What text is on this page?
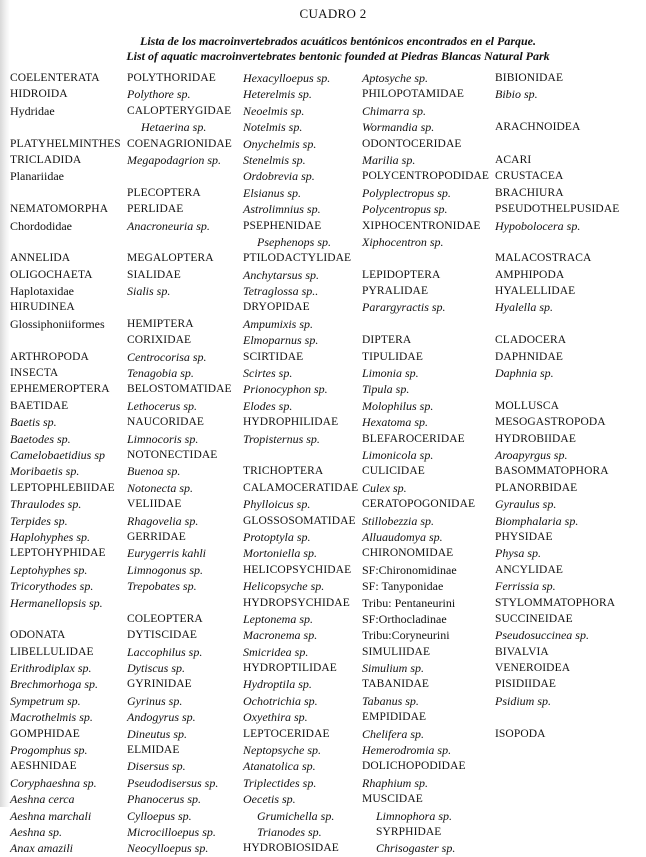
CUADRO 2
Lista de los macroinvertebrados acuáticos bentónicos encontrados en el Parque.
List of aquatic macroinvertebrates bentonic founded at Piedras Blancas Natural Park
COELENTERATA
HIDROIDA
Hydridae
PLATYHELMINTHES
TRICLADIDA
Planariidae
NEMATOMORPHA
Chordodidae
ANNELIDA
OLIGOCHAETA
Haplotaxidae
HIRUDINEA
Glossiphoniiformes
ARTHROPODA
INSECTA
EPHEMEROPTERA
BAETIDAE
Baetis sp.
Baetodes sp.
Camelobaetidius sp
Moribaetis sp.
LEPTOPHLEBIIDAE
Thraulodes sp.
Terpides sp.
Haplohyphes sp.
LEPTOHYPHIDAE
Leptohyphes sp.
Tricorythodes sp.
Hermanellopsis sp.
ODONATA
LIBELLULIDAE
Erithrodiplax sp.
Brechmorhoga sp.
Sympetrum sp.
Macrothelmis sp.
GOMPHIDAE
Progomphus sp.
AESHNIDAE
Coryphaeshna sp.
Aeshna cerca
Aeshna marchali
Aeshna sp.
Anax amazili
POLYTHORIDAE
Polythore sp.
CALOPTERYGIDAE
Hetaerina sp.
COENAGRIONIDAE
Megapodagrion sp.
PLECOPTERA
PERLIDAE
Anacroneuria sp.
MEGALOPTERA
SIALIDAE
Sialis sp.
HEMIPTERA
CORIXIDAE
Centrocorisa sp.
Tenagobia sp.
BELOSTOMATIDAE
Lethocerus sp.
NAUCORIDAE
Limnocoris sp.
NOTONECTIDAE
Buenoa sp.
Notonecta sp.
VELIIDAE
Rhagovelia sp.
GERRIDAE
Eurygerris kahli
Limnogonus sp.
Trepobates sp.
COLEOPTERA
DYTISCIDAE
Laccophilus sp.
Dytiscus sp.
GYRINIDAE
Gyrinus sp.
Andogyrus sp.
Dineutus sp.
ELMIDAE
Disersus sp.
Pseudodisersus sp.
Phanocerus sp.
Cylloepus sp.
Microcilloepus sp.
Neocylloepus sp.
Hexacylloepus sp.
Heterelmis sp.
Neoelmis sp.
Notelmis sp.
Onychelmis sp.
Stenelmis sp.
Ordobrevia sp.
Elsianus sp.
Astrolimnius sp.
PSEPHENIDAE
Psephenops sp.
PTILODACTYLIDAE
Anchytarsus sp.
Tetraglossa sp..
DRYOPIDAE
Ampumixis sp.
Elmoparnus sp.
SCIRTIDAE
Scirtes sp.
Prionocyphon sp.
Elodes sp.
HYDROPHILIDAE
Tropisternus sp.
TRICHOPTERA
CALAMOCERATIDAE
Phylloicus sp.
GLOSSOSOMATIDAE
Protoptyla sp.
Mortoniella sp.
HELICOPSYCHIDAE
Helicopsyche sp.
HYDROPSYCHIDAE
Leptonema sp.
Macronema sp.
Smicridea sp.
HYDROPTILIDAE
Hydroptila sp.
Ochotrichia sp.
Oxyethira sp.
LEPTOCERIDAE
Neptopsyche sp.
Atanatolica sp.
Triplectides sp.
Oecetis sp.
Grumichella sp.
Trianodes sp.
HYDROBIOSIDAE
Aptosyche sp.
PHILOPOTAMIDAE
Chimarra sp.
Wormandia sp.
ODONTOCERIDAE
Marilia sp.
POLYCENTROPODIDAE
Polyplectropus sp.
Polycentropus sp.
XIPHOCENTRONIDAE
Xiphocentron sp.
LEPIDOPTERA
PYRALIDAE
Parargyractis sp.
DIPTERA
TIPULIDAE
Limonia sp.
Tipula sp.
Molophilus sp.
Hexatoma sp.
BLEFAROCERIDAE
Limonicola sp.
CULICIDAE
Culex sp.
CERATOPOGONIDAE
Stillobezzia sp.
Alluaudomya sp.
CHIRONOMIDAE
SF:Chironomidinae
SF: Tanyponidae
Tribu: Pentaneurini
SF:Orthocladinae
Tribu:Coryneurini
SIMULIIDAE
Simulium sp.
TABANIDAE
Tabanus sp.
EMPIDIDAE
Chelifera sp.
Hemerodromia sp.
DOLICHOPODIDAE
Rhaphium sp.
MUSCIDAE
Limnophora sp.
SYRPHIDAE
Chrisogaster sp.
BIBIONIDAE
Bibio sp.
ARACHNOIDEA
ACARI
CRUSTACEA
BRACHIURA
PSEUDOTHELPUSIDAE
Hypobolocera sp.
MALACOSTRACA
AMPHIPODA
HYALELLIDAE
Hyalella sp.
CLADOCERA
DAPHNIDAE
Daphnia sp.
MOLLUSCA
MESOGASTROPODA
HYDROBIIDAE
Aroapyrgus sp.
BASOMMATOPHORA
PLANORBIDAE
Gyraulus sp.
Biomphalaria sp.
PHYSIDAE
Physa sp.
ANCYLIDAE
Ferrissia sp.
STYLOMMATOPHORA
SUCCINEIDAE
Pseudosuccinea sp.
BIVALVIA
VENEROIDEA
PISIDIIDAE
Psidium sp.
ISOPODA
